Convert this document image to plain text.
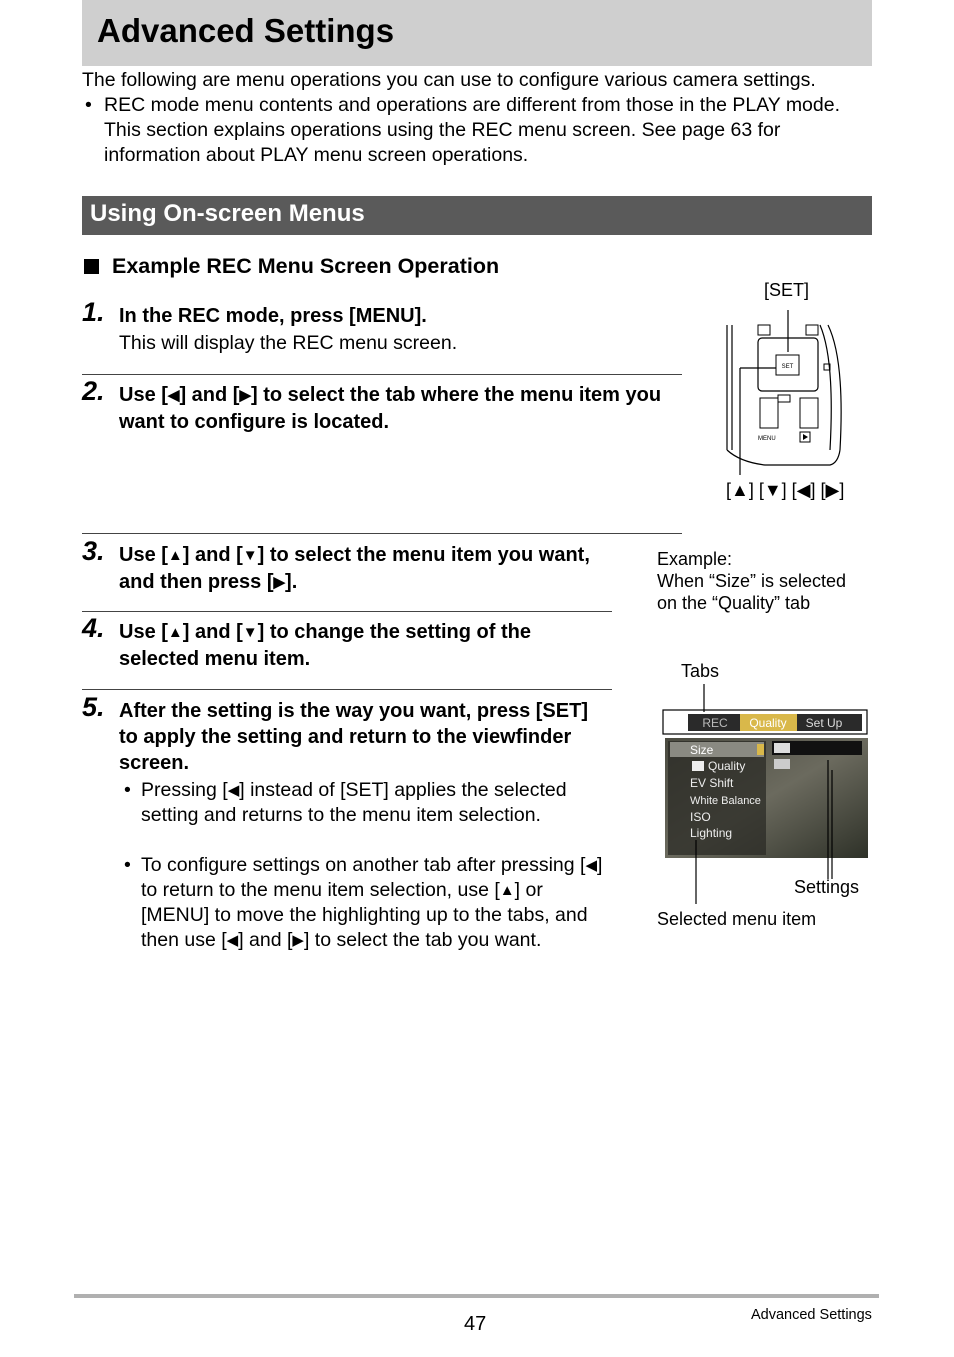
Advanced Settings
The following are menu operations you can use to configure various camera settings.
• REC mode menu contents and operations are different from those in the PLAY mode. This section explains operations using the REC menu screen. See page 63 for information about PLAY menu screen operations.
Using On-screen Menus
Example REC Menu Screen Operation
1. In the REC mode, press [MENU].
This will display the REC menu screen.
2. Use [◀] and [▶] to select the tab where the menu item you want to configure is located.
3. Use [▲] and [▼] to select the menu item you want, and then press [▶].
4. Use [▲] and [▼] to change the setting of the selected menu item.
5. After the setting is the way you want, press [SET] to apply the setting and return to the viewfinder screen.
• Pressing [◀] instead of [SET] applies the selected setting and returns to the menu item selection.
• To configure settings on another tab after pressing [◀] to return to the menu item selection, use [▲] or [MENU] to move the highlighting up to the tabs, and then use [◀] and [▶] to select the tab you want.
[SET]
SET
MENU
[▲] [▼] [◀] [▶]
Example:
When “Size” is selected
on the “Quality” tab
Tabs
REC Quality Set Up
Size
Quality
EV Shift
White Balance
ISO
Lighting
Settings
Selected menu item
47	Advanced Settings
